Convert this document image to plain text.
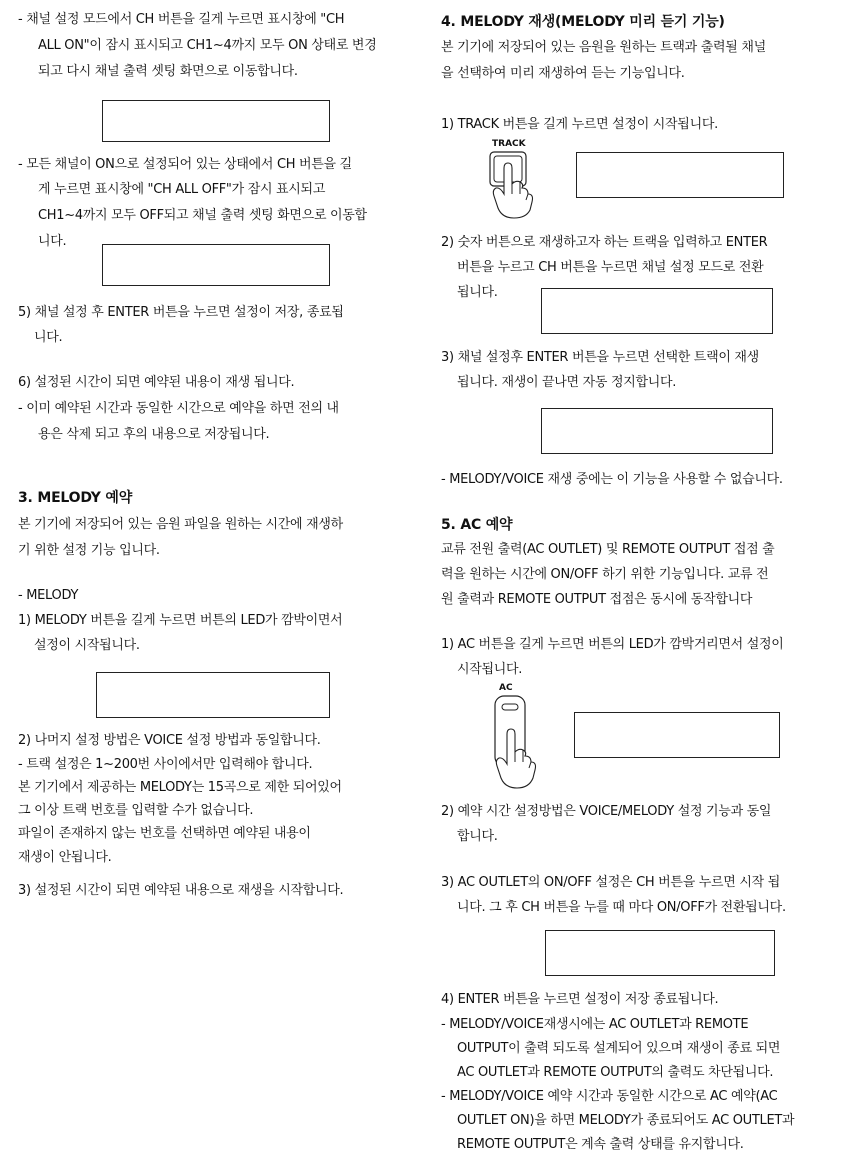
- 채널 설정 모드에서 CH 버튼을 길게 누르면 표시창에 "CH
ALL ON"이 잠시 표시되고 CH1~4까지 모두 ON 상태로 변경
되고 다시 채널 출력 셋팅 화면으로 이동합니다.

- 모든 채널이 ON으로 설정되어 있는 상태에서 CH 버튼을 길
게 누르면 표시창에 "CH ALL OFF"가 잠시 표시되고
CH1~4까지 모두 OFF되고 채널 출력 셋팅 화면으로 이동합
니다.

5) 채널 설정 후 ENTER 버튼을 누르면 설정이 저장, 종료됩
니다.
6) 설정된 시간이 되면 예약된 내용이 재생 됩니다.
- 이미 예약된 시간과 동일한 시간으로 예약을 하면 전의 내
용은 삭제 되고 후의 내용으로 저장됩니다.
3. MELODY 예약
본 기기에 저장되어 있는 음원 파일을 원하는 시간에 재생하
기 위한 설정 기능 입니다.
- MELODY
1) MELODY 버튼을 길게 누르면 버튼의 LED가 깜박이면서
설정이 시작됩니다.

2) 나머지 설정 방법은 VOICE 설정 방법과 동일합니다.
- 트랙 설정은 1~200번 사이에서만 입력해야 합니다.
본 기기에서 제공하는 MELODY는 15곡으로 제한 되어있어
그 이상 트랙 번호를 입력할 수가 없습니다.
파일이 존재하지 않는 번호를 선택하면 예약된 내용이
재생이 안됩니다.
3) 설정된 시간이 되면 예약된 내용으로 재생을 시작합니다.
4. MELODY 재생(MELODY 미리 듣기 기능)
본 기기에 저장되어 있는 음원을 원하는 트랙과 출력될 채널
을 선택하여 미리 재생하여 듣는 기능입니다.
1) TRACK 버튼을 길게 누르면 설정이 시작됩니다.
TRACK

2) 숫자 버튼으로 재생하고자 하는 트랙을 입력하고 ENTER
버튼을 누르고 CH 버튼을 누르면 채널 설정 모드로 전환
됩니다.

3) 채널 설정후 ENTER 버튼을 누르면 선택한 트랙이 재생
됩니다. 재생이 끝나면 자동 정지합니다.

- MELODY/VOICE 재생 중에는 이 기능을 사용할 수 없습니다.
5. AC 예약
교류 전원 출력(AC OUTLET) 및 REMOTE OUTPUT 접점 출
력을 원하는 시간에 ON/OFF 하기 위한 기능입니다. 교류 전
원 출력과 REMOTE OUTPUT 접점은 동시에 동작합니다
1) AC 버튼을 길게 누르면 버튼의 LED가 깜박거리면서 설정이
시작됩니다.
AC

2) 예약 시간 설정방법은 VOICE/MELODY 설정 기능과 동일
합니다.
3) AC OUTLET의 ON/OFF 설정은 CH 버튼을 누르면 시작 됩
니다. 그 후 CH 버튼을 누를 때 마다 ON/OFF가 전환됩니다.

4) ENTER 버튼을 누르면 설정이 저장 종료됩니다.
- MELODY/VOICE재생시에는 AC OUTLET과 REMOTE
OUTPUT이 출력 되도록 설계되어 있으며 재생이 종료 되면
AC OUTLET과 REMOTE OUTPUT의 출력도 차단됩니다.
- MELODY/VOICE 예약 시간과 동일한 시간으로 AC 예약(AC
OUTLET ON)을 하면 MELODY가 종료되어도 AC OUTLET과
REMOTE OUTPUT은 계속 출력 상태를 유지합니다.
